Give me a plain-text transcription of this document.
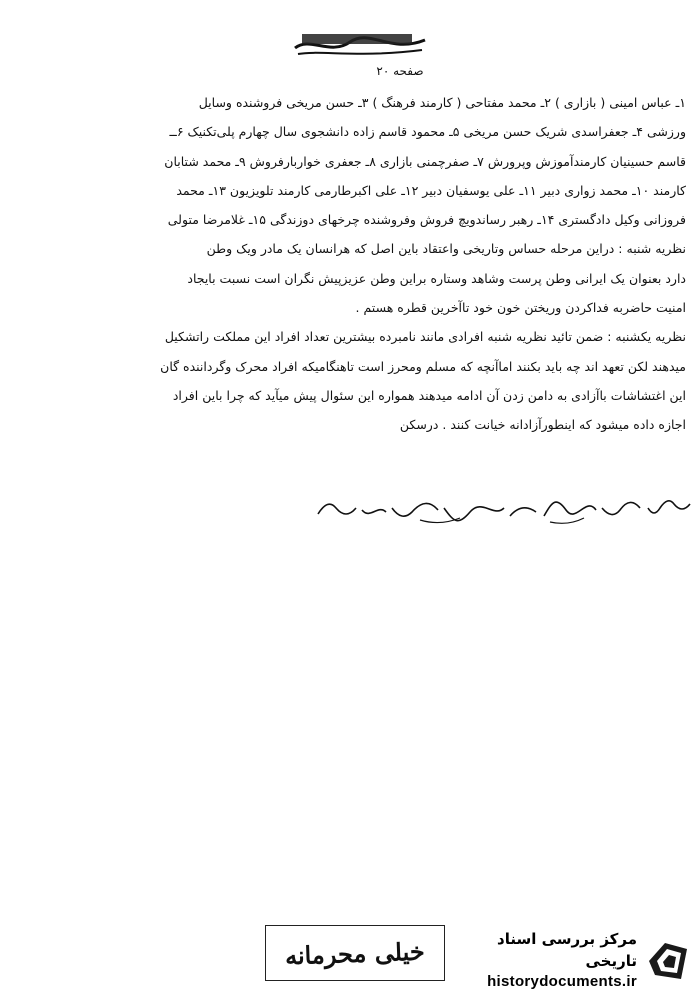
صفحه ۲۰
۱ـ عباس امینی ( بازاری ) ۲ـ محمد مفتاحی ( کارمند فرهنگ ) ۳ـ حسن مریخی فروشنده وسایل
ورزشی ۴ـ جعفراسدی شریک حسن مریخی ۵ـ محمود قاسم زاده دانشجوی سال چهارم پلی‌تکنیک ۶ــ
قاسم حسینیان کارمندآموزش وپرورش ۷ـ صفرچمنی بازاری ۸ـ جعفری خواربارفروش ۹ـ محمد شتابان
کارمند ۱۰ـ محمد زواری دبیر ۱۱ـ علی یوسفیان دبیر ۱۲ـ علی اکبرطارمی کارمند تلویزیون ۱۳ـ محمد
فروزانی وکیل دادگستری ۱۴ـ رهبر رساندویچ فروش وفروشنده چرخهای دوزندگی ۱۵ـ غلامرضا متولی
نظریه شنبه : دراین مرحله حساس وتاریخی واعتقاد باین اصل که هرانسان یک مادر ویک وطن
دارد بعنوان یک ایرانی وطن پرست وشاهد وستاره براین وطن عزیزپیش نگران است نسبت بایجاد
امنیت حاضربه فداکردن وریختن خون خود تاآخرین قطره هستم .
نظریه یکشنبه : ضمن تائید نظریه شنبه افرادی مانند نامبرده بیشترین تعداد افراد این مملکت راتشکیل
میدهند لکن تعهد اند چه باید بکنند اماآنچه که مسلم ومحرز است تاهنگامیکه افراد محرک وگرداننده گان
این اغتشاشات باآزادی به دامن زدن آن ادامه میدهند همواره این سئوال پیش میآید که چرا باین افراد
اجازه داده میشود که اینطورآزادانه خیانت کنند . درسکن
خیلی محرمانه	مرکز بررسی اسناد تاریخی
historydocuments.ir
